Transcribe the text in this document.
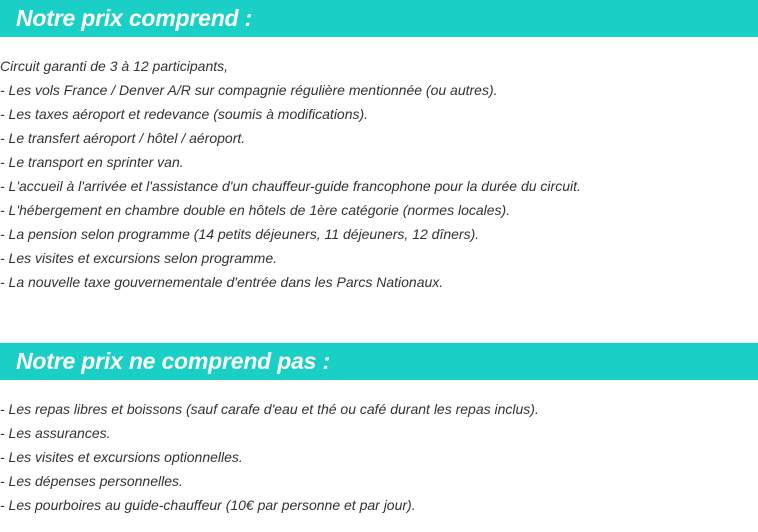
Notre prix comprend :
Circuit garanti de 3 à 12 participants,
- Les vols France / Denver A/R sur compagnie régulière mentionnée (ou autres).
- Les taxes aéroport et redevance (soumis à modifications).
- Le transfert aéroport / hôtel / aéroport.
- Le transport en sprinter van.
- L'accueil à l'arrivée et l'assistance d'un chauffeur-guide francophone pour la durée du circuit.
- L'hébergement en chambre double en hôtels de 1ère catégorie (normes locales).
- La pension selon programme (14 petits déjeuners, 11 déjeuners, 12 dîners).
- Les visites et excursions selon programme.
- La nouvelle taxe gouvernementale d'entrée dans les Parcs Nationaux.
Notre prix ne comprend pas :
- Les repas libres et boissons (sauf carafe d'eau et thé ou café durant les repas inclus).
- Les assurances.
- Les visites et excursions optionnelles.
- Les dépenses personnelles.
- Les pourboires au guide-chauffeur (10€ par personne et par jour).
